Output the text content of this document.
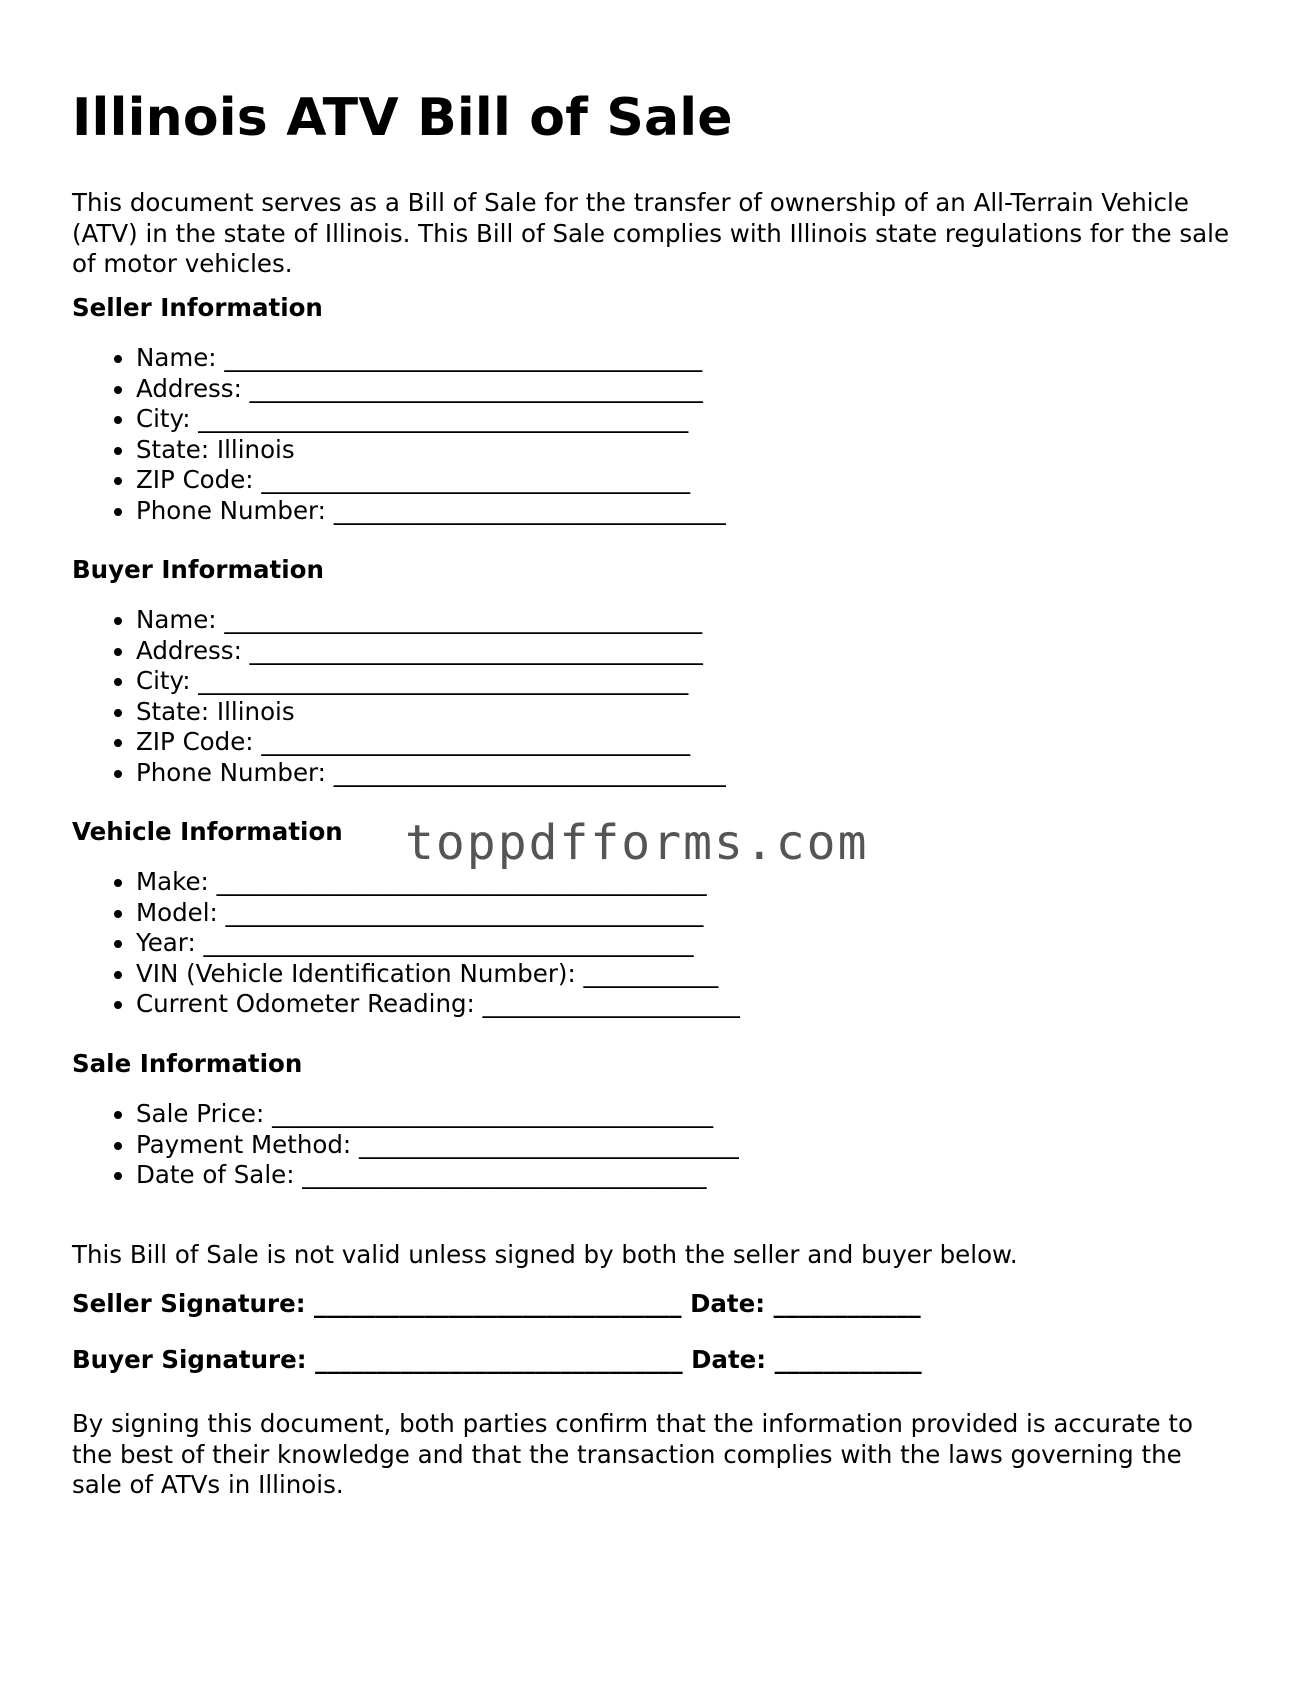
Illinois ATV Bill of Sale

This document serves as a Bill of Sale for the transfer of ownership of an All-Terrain Vehicle (ATV) in the state of Illinois. This Bill of Sale complies with Illinois state regulations for the sale of motor vehicles.

Seller Information

• Name: _______________________________________
• Address: _____________________________________
• City: ________________________________________
• State: Illinois
• ZIP Code: ___________________________________
• Phone Number: ________________________________

Buyer Information

• Name: _______________________________________
• Address: _____________________________________
• City: ________________________________________
• State: Illinois
• ZIP Code: ___________________________________
• Phone Number: ________________________________

Vehicle Information

• Make: ________________________________________
• Model: _______________________________________
• Year: ________________________________________
• VIN (Vehicle Identification Number): ___________
• Current Odometer Reading: _____________________

Sale Information

• Sale Price: ____________________________________
• Payment Method: _______________________________
• Date of Sale: _________________________________

This Bill of Sale is not valid unless signed by both the seller and buyer below.

Seller Signature: ______________________________ Date: ____________
Buyer Signature: ______________________________ Date: ____________

By signing this document, both parties confirm that the information provided is accurate to the best of their knowledge and that the transaction complies with the laws governing the sale of ATVs in Illinois.

toppdfforms.com
